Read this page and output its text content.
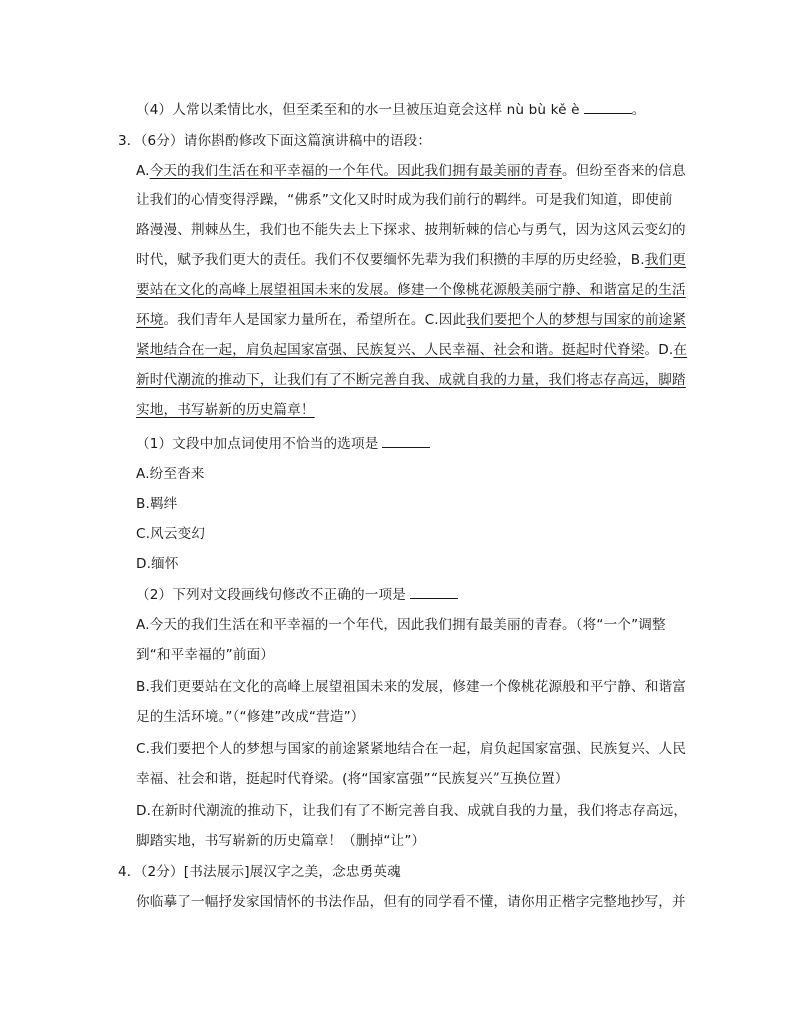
（4）人常以柔情比水，但至柔至和的水一旦被压迫竟会这样 nù bù kě è	。
3．（6分）请你斟酌修改下面这篇演讲稿中的语段：
A.今天的我们生活在和平幸福的一个年代。因此我们拥有最美丽的青春。但纷至沓来的信息
让我们的心情变得浮躁，“佛系”文化又时时成为我们前行的羁绊。可是我们知道，即使前
路漫漫、荆棘丛生，我们也不能失去上下探求、披荆斩棘的信心与勇气，因为这风云变幻的
时代，赋予我们更大的责任。我们不仅要缅怀先辈为我们积攒的丰厚的历史经验，B.我们更
要站在文化的高峰上展望祖国未来的发展。修建一个像桃花源般美丽宁静、和谐富足的生活
环境。我们青年人是国家力量所在，希望所在。C.因此我们要把个人的梦想与国家的前途紧
紧地结合在一起，肩负起国家富强、民族复兴、人民幸福、社会和谐。挺起时代脊梁。D.在
新时代潮流的推动下，让我们有了不断完善自我、成就自我的力量，我们将志存高远，脚踏
实地，书写崭新的历史篇章！
（1）文段中加点词使用不恰当的选项是
A.纷至沓来
B.羁绊
C.风云变幻
D.缅怀
（2）下列对文段画线句修改不正确的一项是
A.今天的我们生活在和平幸福的一个年代，因此我们拥有最美丽的青春。（将“一个”调整
到“和平幸福的”前面）
B.我们更要站在文化的高峰上展望祖国未来的发展，修建一个像桃花源般和平宁静、和谐富
足的生活环境。”（“修建”改成“营造”）
C.我们要把个人的梦想与国家的前途紧紧地结合在一起，肩负起国家富强、民族复兴、人民
幸福、社会和谐，挺起时代脊梁。(将“国家富强”“民族复兴”互换位置）
D.在新时代潮流的推动下，让我们有了不断完善自我、成就自我的力量，我们将志存高远，
脚踏实地，书写崭新的历史篇章！（删掉“让”）
4．（2分）[书法展示]展汉字之美，念忠勇英魂
你临摹了一幅抒发家国情怀的书法作品，但有的同学看不懂，请你用正楷字完整地抄写，并
